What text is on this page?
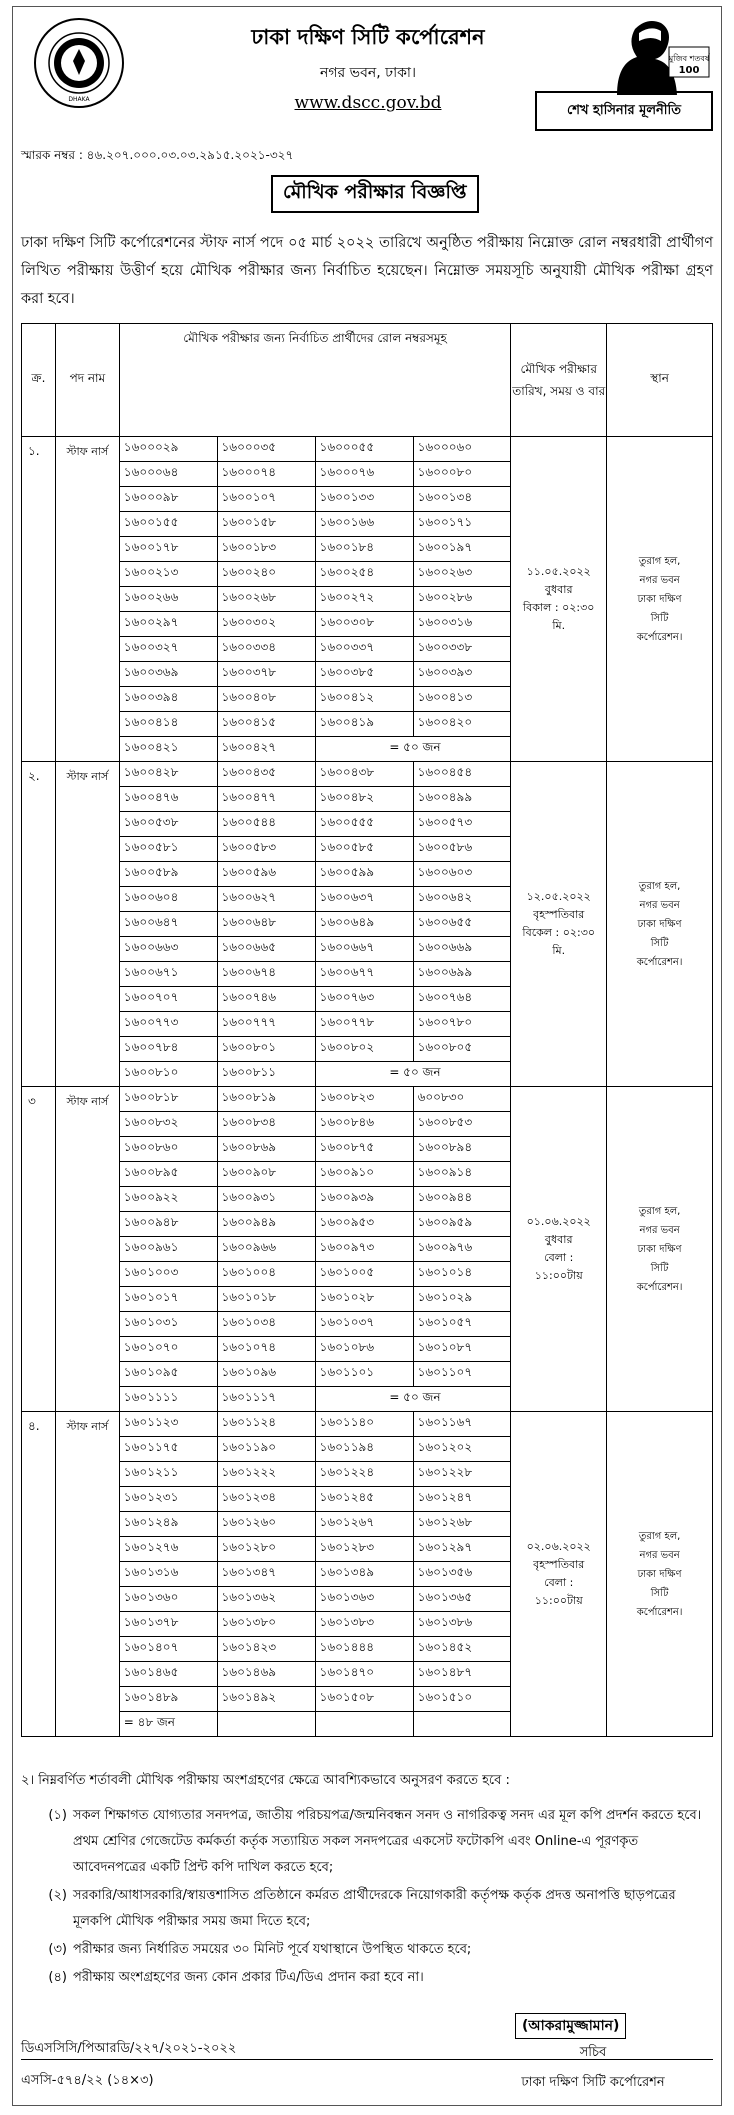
DHAKA
মুজিব শতবর্ষ
100
ঢাকা দক্ষিণ সিটি কর্পোরেশন
নগর ভবন, ঢাকা।
www.dscc.gov.bd	শেখ হাসিনার মূলনীতি
স্মারক নম্বর : ৪৬.২০৭.০০০.০৩.০৩.২৯১৫.২০২১-৩২৭
মৌখিক পরীক্ষার বিজ্ঞপ্তি
ঢাকা দক্ষিণ সিটি কর্পোরেশনের স্টাফ নার্স পদে ০৫ মার্চ ২০২২ তারিখে অনুষ্ঠিত পরীক্ষায় নিম্নোক্ত রোল নম্বরধারী প্রার্থীগণ লিখিত পরীক্ষায় উত্তীর্ণ হয়ে মৌখিক পরীক্ষার জন্য নির্বাচিত হয়েছেন। নিম্নোক্ত সময়সূচি অনুযায়ী মৌখিক পরীক্ষা গ্রহণ করা হবে।
ক্র.	পদ নাম	মৌখিক পরীক্ষার জন্য নির্বাচিত প্রার্থীদের রোল নম্বরসমূহ	মৌখিক পরীক্ষার তারিখ, সময় ও বার	স্থান
১.	স্টাফ নার্স	১৬০০০২৯	১৬০০০৩৫	১৬০০০৫৫	১৬০০০৬০
১৬০০০৬৪	১৬০০০৭৪	১৬০০০৭৬	১৬০০০৮০
১৬০০০৯৮	১৬০০১০৭	১৬০০১৩৩	১৬০০১৩৪
১৬০০১৫৫	১৬০০১৫৮	১৬০০১৬৬	১৬০০১৭১
১৬০০১৭৮	১৬০০১৮৩	১৬০০১৮৪	১৬০০১৯৭
১৬০০২১৩	১৬০০২৪০	১৬০০২৫৪	১৬০০২৬৩
১৬০০২৬৬	১৬০০২৬৮	১৬০০২৭২	১৬০০২৮৬
১৬০০২৯৭	১৬০০৩০২	১৬০০৩০৮	১৬০০৩১৬
১৬০০৩২৭	১৬০০৩৩৪	১৬০০৩৩৭	১৬০০৩৩৮
১৬০০৩৬৯	১৬০০৩৭৮	১৬০০৩৮৫	১৬০০৩৯৩
১৬০০৩৯৪	১৬০০৪০৮	১৬০০৪১২	১৬০০৪১৩
১৬০০৪১৪	১৬০০৪১৫	১৬০০৪১৯	১৬০০৪২০
১৬০০৪২১	১৬০০৪২৭	= ৫০ জন

১১.০৫.২০২২
বুধবার
বিকাল : ০২:৩০
মি.

তুরাগ হল,
নগর ভবন
ঢাকা দক্ষিণ
সিটি
কর্পোরেশন।

২.	স্টাফ নার্স	১৬০০৪২৮	১৬০০৪৩৫	১৬০০৪৩৮	১৬০০৪৫৪
১৬০০৪৭৬	১৬০০৪৭৭	১৬০০৪৮২	১৬০০৪৯৯
১৬০০৫৩৮	১৬০০৫৪৪	১৬০০৫৫৫	১৬০০৫৭৩
১৬০০৫৮১	১৬০০৫৮৩	১৬০০৫৮৫	১৬০০৫৮৬
১৬০০৫৮৯	১৬০০৫৯৬	১৬০০৫৯৯	১৬০০৬০৩
১৬০০৬০৪	১৬০০৬২৭	১৬০০৬৩৭	১৬০০৬৪২
১৬০০৬৪৭	১৬০০৬৪৮	১৬০০৬৪৯	১৬০০৬৫৫
১৬০০৬৬৩	১৬০০৬৬৫	১৬০০৬৬৭	১৬০০৬৬৯
১৬০০৬৭১	১৬০০৬৭৪	১৬০০৬৭৭	১৬০০৬৯৯
১৬০০৭০৭	১৬০০৭৪৬	১৬০০৭৬৩	১৬০০৭৬৪
১৬০০৭৭৩	১৬০০৭৭৭	১৬০০৭৭৮	১৬০০৭৮০
১৬০০৭৮৪	১৬০০৮০১	১৬০০৮০২	১৬০০৮০৫
১৬০০৮১০	১৬০০৮১১	= ৫০ জন

১২.০৫.২০২২
বৃহস্পতিবার
বিকেল : ০২:৩০
মি.

তুরাগ হল,
নগর ভবন
ঢাকা দক্ষিণ
সিটি
কর্পোরেশন।

৩	স্টাফ নার্স	১৬০০৮১৮	১৬০০৮১৯	১৬০০৮২৩	৬০০৮৩০
১৬০০৮৩২	১৬০০৮৩৪	১৬০০৮৪৬	১৬০০৮৫৩
১৬০০৮৬০	১৬০০৮৬৯	১৬০০৮৭৫	১৬০০৮৯৪
১৬০০৮৯৫	১৬০০৯০৮	১৬০০৯১০	১৬০০৯১৪
১৬০০৯২২	১৬০০৯৩১	১৬০০৯৩৯	১৬০০৯৪৪
১৬০০৯৪৮	১৬০০৯৪৯	১৬০০৯৫৩	১৬০০৯৫৯
১৬০০৯৬১	১৬০০৯৬৬	১৬০০৯৭৩	১৬০০৯৭৬
১৬০১০০৩	১৬০১০০৪	১৬০১০০৫	১৬০১০১৪
১৬০১০১৭	১৬০১০১৮	১৬০১০২৮	১৬০১০২৯
১৬০১০৩১	১৬০১০৩৪	১৬০১০৩৭	১৬০১০৫৭
১৬০১০৭০	১৬০১০৭৪	১৬০১০৮৬	১৬০১০৮৭
১৬০১০৯৫	১৬০১০৯৬	১৬০১১০১	১৬০১১০৭
১৬০১১১১	১৬০১১১৭	= ৫০ জন

০১.০৬.২০২২
বুধবার
বেলা :
১১:০০টায়

তুরাগ হল,
নগর ভবন
ঢাকা দক্ষিণ
সিটি
কর্পোরেশন।

৪.	স্টাফ নার্স	১৬০১১২৩	১৬০১১২৪	১৬০১১৪০	১৬০১১৬৭
১৬০১১৭৫	১৬০১১৯০	১৬০১১৯৪	১৬০১২০২
১৬০১২১১	১৬০১২২২	১৬০১২২৪	১৬০১২২৮
১৬০১২৩১	১৬০১২৩৪	১৬০১২৪৫	১৬০১২৪৭
১৬০১২৪৯	১৬০১২৬০	১৬০১২৬৭	১৬০১২৬৮
১৬০১২৭৬	১৬০১২৮০	১৬০১২৮৩	১৬০১২৯৭
১৬০১৩১৬	১৬০১৩৪৭	১৬০১৩৪৯	১৬০১৩৫৬
১৬০১৩৬০	১৬০১৩৬২	১৬০১৩৬৩	১৬০১৩৬৫
১৬০১৩৭৮	১৬০১৩৮০	১৬০১৩৮৩	১৬০১৩৮৬
১৬০১৪০৭	১৬০১৪২৩	১৬০১৪৪৪	১৬০১৪৫২
১৬০১৪৬৫	১৬০১৪৬৯	১৬০১৪৭০	১৬০১৪৮৭
১৬০১৪৮৯	১৬০১৪৯২	১৬০১৫০৮	১৬০১৫১০
= ৪৮ জন			

০২.০৬.২০২২
বৃহস্পতিবার
বেলা :
১১:০০টায়

তুরাগ হল,
নগর ভবন
ঢাকা দক্ষিণ
সিটি
কর্পোরেশন।
২। নিম্নবর্ণিত শর্তাবলী মৌখিক পরীক্ষায় অংশগ্রহণের ক্ষেত্রে আবশ্যিকভাবে অনুসরণ করতে হবে :
(১) সকল শিক্ষাগত যোগ্যতার সনদপত্র, জাতীয় পরিচয়পত্র/জন্মনিবন্ধন সনদ ও নাগরিকত্ব সনদ এর মূল কপি প্রদর্শন করতে হবে। প্রথম শ্রেণির গেজেটেড কর্মকর্তা কর্তৃক সত্যায়িত সকল সনদপত্রের একসেট ফটোকপি এবং Online-এ পূরণকৃত আবেদনপত্রের একটি প্রিন্ট কপি দাখিল করতে হবে;
(২) সরকারি/আধাসরকারি/স্বায়ত্তশাসিত প্রতিষ্ঠানে কর্মরত প্রার্থীদেরকে নিয়োগকারী কর্তৃপক্ষ কর্তৃক প্রদত্ত অনাপত্তি ছাড়পত্রের মূলকপি মৌখিক পরীক্ষার সময় জমা দিতে হবে;
(৩) পরীক্ষার জন্য নির্ধারিত সময়ের ৩০ মিনিট পূর্বে যথাস্থানে উপস্থিত থাকতে হবে;
(৪) পরীক্ষায় অংশগ্রহণের জন্য কোন প্রকার টিএ/ডিএ প্রদান করা হবে না।
(আকরামুজ্জামান)
সচিব
ঢাকা দক্ষিণ সিটি কর্পোরেশন
ডিএসসিসি/পিআরডি/২২৭/২০২১-২০২২
এসসি-৫৭৪/২২ (১৪×৩)
